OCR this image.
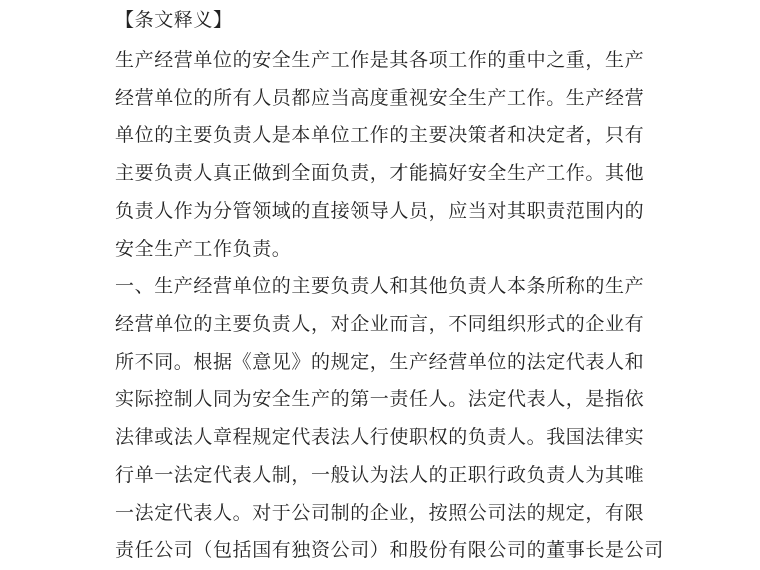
【条文释义】
生产经营单位的安全生产工作是其各项工作的重中之重，生产
经营单位的所有人员都应当高度重视安全生产工作。生产经营
单位的主要负责人是本单位工作的主要决策者和决定者，只有
主要负责人真正做到全面负责，才能搞好安全生产工作。其他
负责人作为分管领域的直接领导人员，应当对其职责范围内的
安全生产工作负责。
一、生产经营单位的主要负责人和其他负责人本条所称的生产
经营单位的主要负责人，对企业而言，不同组织形式的企业有
所不同。根据《意见》的规定，生产经营单位的法定代表人和
实际控制人同为安全生产的第一责任人。法定代表人，是指依
法律或法人章程规定代表法人行使职权的负责人。我国法律实
行单一法定代表人制，一般认为法人的正职行政负责人为其唯
一法定代表人。对于公司制的企业，按照公司法的规定，有限
责任公司（包括国有独资公司）和股份有限公司的董事长是公司
